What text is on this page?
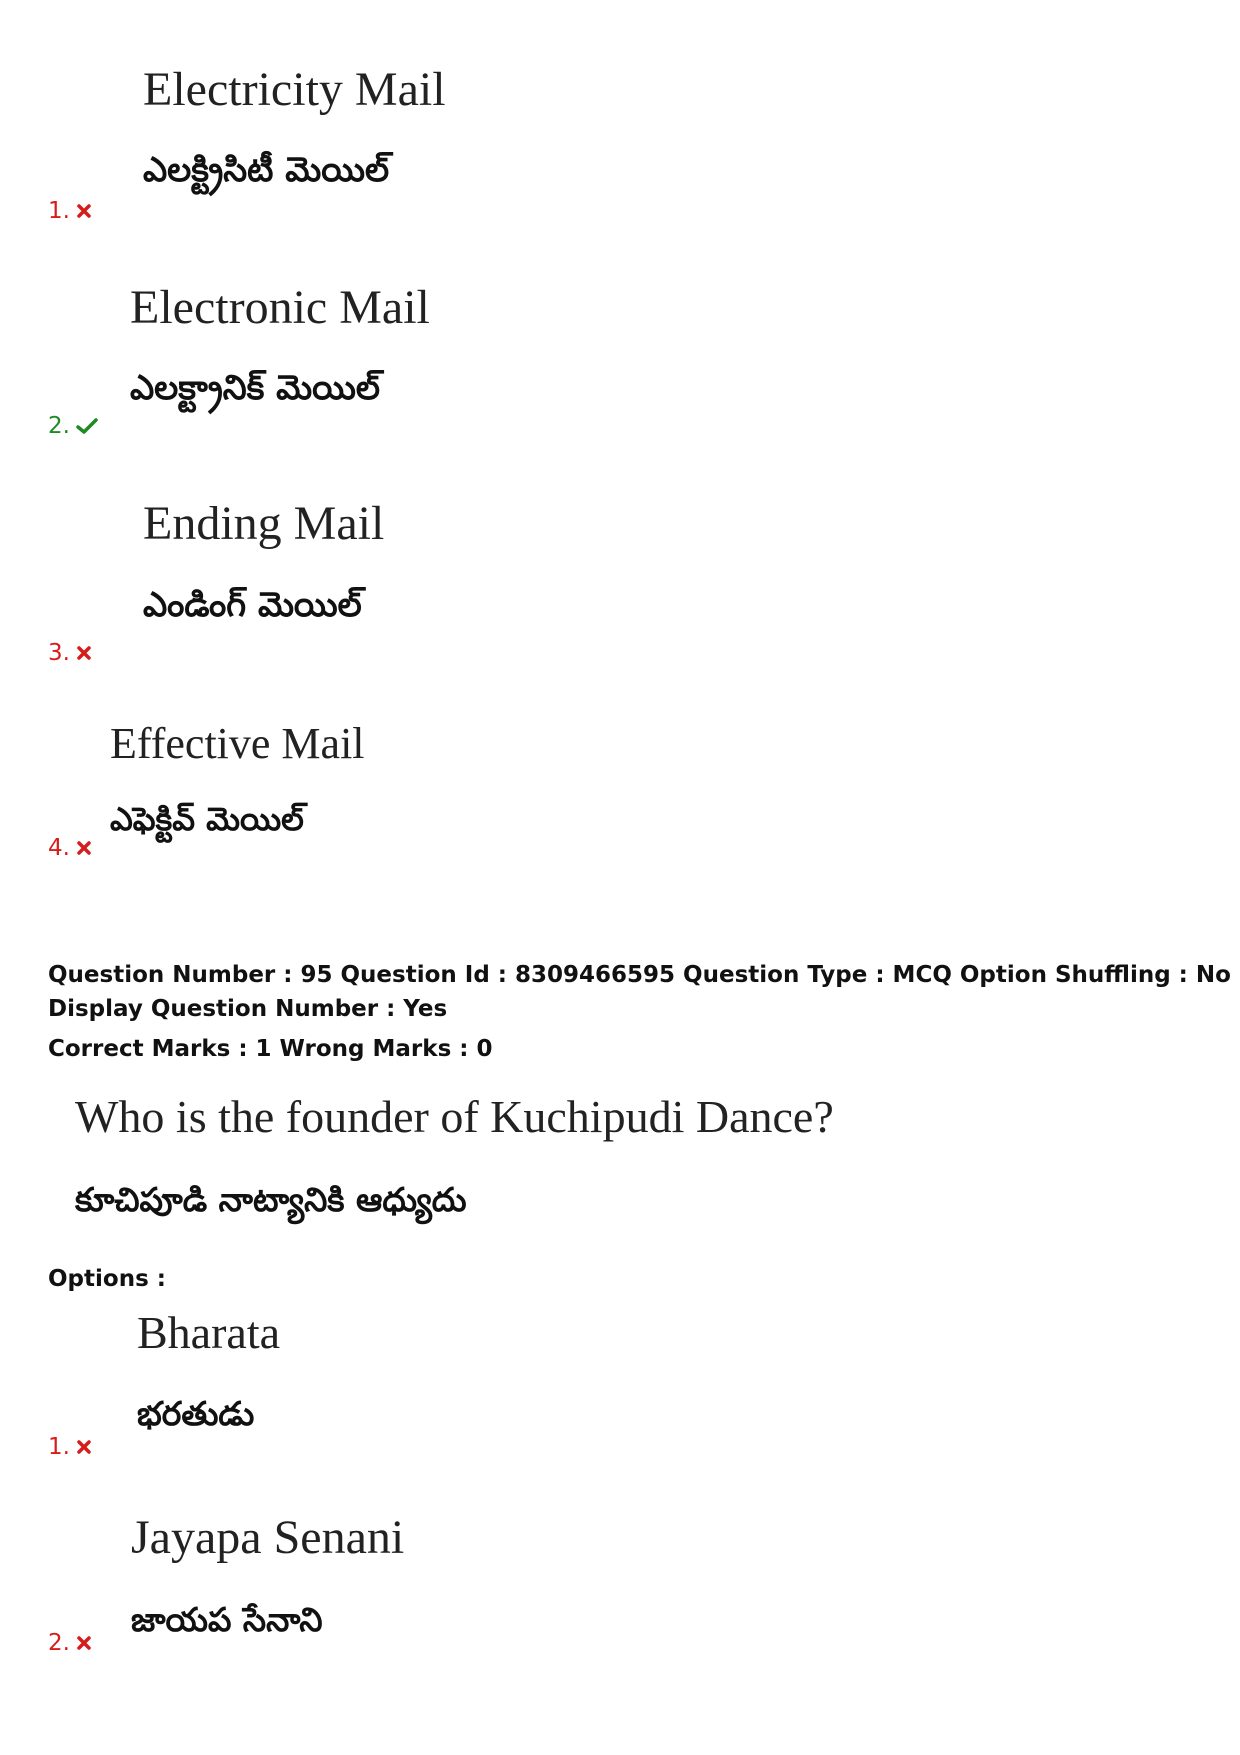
Electricity Mail
ఎలక్ట్రిసిటీ మెయిల్
1.
Electronic Mail
ఎలక్ట్రానిక్ మెయిల్
2.
Ending Mail
ఎండింగ్ మెయిల్
3.
Effective Mail
ఎఫెక్టివ్ మెయిల్
4.
Question Number : 95 Question Id : 8309466595 Question Type : MCQ Option Shuffling : No
Display Question Number : Yes
Correct Marks : 1 Wrong Marks : 0
Who is the founder of Kuchipudi Dance?
కూచిపూడి నాట్యానికి ఆధ్యుదు
Options :
Bharata
భరతుడు
1.
Jayapa Senani
జాయప సేనాని
2.
